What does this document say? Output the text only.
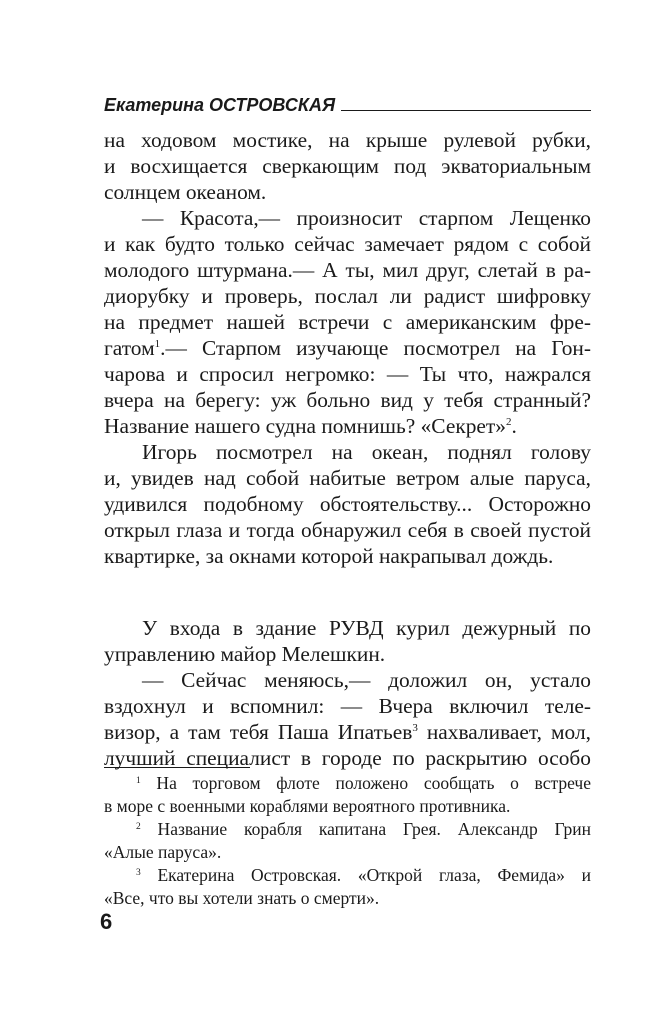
Екатерина ОСТРОВСКАЯ
на ходовом мостике, на крыше рулевой рубки,
и восхищается сверкающим под экваториальным
солнцем океаном.
— Красота,— произносит старпом Лещенко
и как будто только сейчас замечает рядом с собой
молодого штурмана.— А ты, мил друг, слетай в ра-
диорубку и проверь, послал ли радист шифровку
на предмет нашей встречи с американским фре-
гатом$^1$.— Старпом изучающе посмотрел на Гон-
чарова и спросил негромко: — Ты что, нажрался
вчера на берегу: уж больно вид у тебя странный?
Название нашего судна помнишь? «Секрет»$^2$.
Игорь посмотрел на океан, поднял голову
и, увидев над собой набитые ветром алые паруса,
удивился подобному обстоятельству... Осторожно
открыл глаза и тогда обнаружил себя в своей пустой
квартирке, за окнами которой накрапывал дождь.
У входа в здание РУВД курил дежурный по
управлению майор Мелешкин.
— Сейчас меняюсь,— доложил он, устало
вздохнул и вспомнил: — Вчера включил теле-
визор, а там тебя Паша Ипатьев$^3$ нахваливает, мол,
лучший специалист в городе по раскрытию особо
$^1$ На торговом флоте положено сообщать о встрече
в море с военными кораблями вероятного противника.
$^2$ Название корабля капитана Грея. Александр Грин
«Алые паруса».
$^3$ Екатерина Островская. «Открой глаза, Фемида» и
«Все, что вы хотели знать о смерти».
6
